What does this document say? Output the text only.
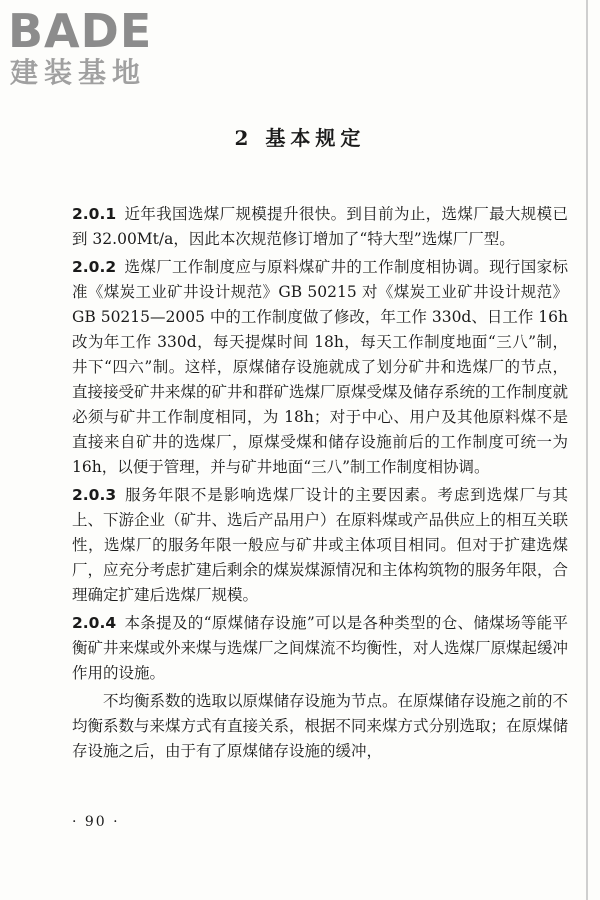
BADE
建装基地
2 基本规定

2.0.1 近年我国选煤厂规模提升很快。到目前为止，选煤厂最大规模已到 32.00Mt/a，因此本次规范修订增加了“特大型”选煤厂厂型。

2.0.2 选煤厂工作制度应与原料煤矿井的工作制度相协调。现行国家标准《煤炭工业矿井设计规范》GB 50215 对《煤炭工业矿井设计规范》GB 50215—2005 中的工作制度做了修改，年工作 330d、日工作 16h 改为年工作 330d，每天提煤时间 18h，每天工作制度地面“三八”制，井下“四六”制。这样，原煤储存设施就成了划分矿井和选煤厂的节点，直接接受矿井来煤的矿井和群矿选煤厂原煤受煤及储存系统的工作制度就必须与矿井工作制度相同，为 18h；对于中心、用户及其他原料煤不是直接来自矿井的选煤厂，原煤受煤和储存设施前后的工作制度可统一为 16h，以便于管理，并与矿井地面“三八”制工作制度相协调。

2.0.3 服务年限不是影响选煤厂设计的主要因素。考虑到选煤厂与其上、下游企业（矿井、选后产品用户）在原料煤或产品供应上的相互关联性，选煤厂的服务年限一般应与矿井或主体项目相同。但对于扩建选煤厂，应充分考虑扩建后剩余的煤炭煤源情况和主体构筑物的服务年限，合理确定扩建后选煤厂规模。

2.0.4 本条提及的“原煤储存设施”可以是各种类型的仓、储煤场等能平衡矿井来煤或外来煤与选煤厂之间煤流不均衡性，对人选煤厂原煤起缓冲作用的设施。

不均衡系数的选取以原煤储存设施为节点。在原煤储存设施之前的不均衡系数与来煤方式有直接关系，根据不同来煤方式分别选取；在原煤储存设施之后，由于有了原煤储存设施的缓冲，

· 90 ·
